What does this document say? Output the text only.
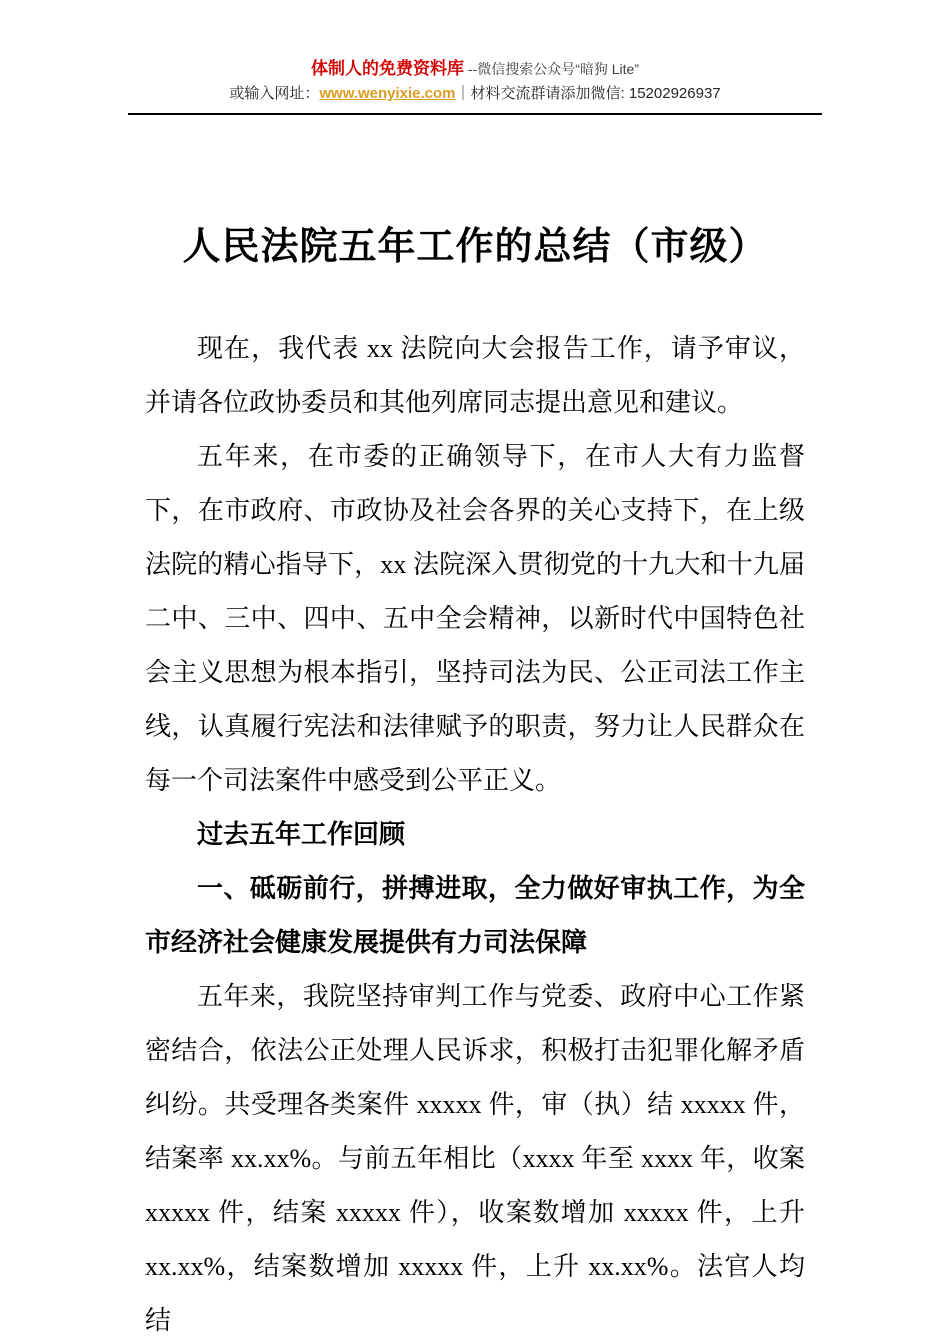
体制人的免费资料库 --微信搜索公众号“暗狗 Lite”
或输入网址：www.wenyixie.com｜材料交流群请添加微信: 15202926937
人民法院五年工作的总结（市级）

现在，我代表 xx 法院向大会报告工作，请予审议，并请各位政协委员和其他列席同志提出意见和建议。

五年来，在市委的正确领导下，在市人大有力监督下，在市政府、市政协及社会各界的关心支持下，在上级法院的精心指导下，xx 法院深入贯彻党的十九大和十九届二中、三中、四中、五中全会精神，以新时代中国特色社会主义思想为根本指引，坚持司法为民、公正司法工作主线，认真履行宪法和法律赋予的职责，努力让人民群众在每一个司法案件中感受到公平正义。

过去五年工作回顾

一、砥砺前行，拼搏进取，全力做好审执工作，为全市经济社会健康发展提供有力司法保障

五年来，我院坚持审判工作与党委、政府中心工作紧密结合，依法公正处理人民诉求，积极打击犯罪化解矛盾纠纷。共受理各类案件 xxxxx 件，审（执）结 xxxxx 件，结案率 xx.xx%。与前五年相比（xxxx 年至 xxxx 年，收案 xxxxx 件，结案 xxxxx 件），收案数增加 xxxxx 件，上升 xx.xx%，结案数增加 xxxxx 件，上升 xx.xx%。法官人均结
